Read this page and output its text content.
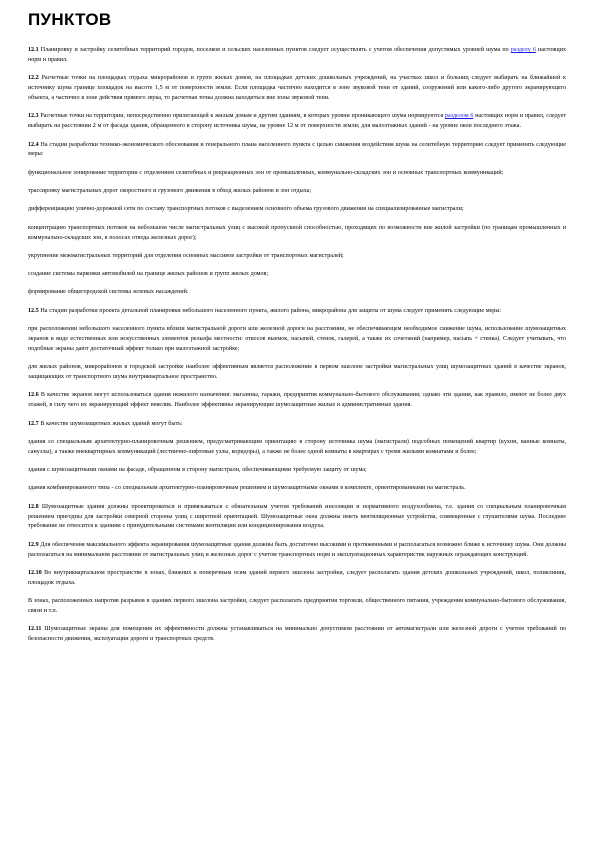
ПУНКТОВ

12.1 Планировку и застройку селитебных территорий городов, поселков и сельских населенных пунктов следует осуществлять с учетом обеспечения допустимых уровней шума по разделу 6 настоящих норм и правил.

12.2 Расчетные точки на площадках отдыха микрорайонов и групп жилых домов, на площадках детских дошкольных учреждений, на участках школ и больниц следует выбирать на ближайшей к источнику шума границе площадок на высоте 1,5 м от поверхности земли. Если площадка частично находится в зоне звуковой тени от зданий, сооружений или какого-либо другого экранирующего объекта, а частично в зоне действия прямого звука, то расчетная точка должна находиться вне зоны звуковой тени.

12.3 Расчетные точки на территории, непосредственно прилегающей к жилым домам и другим зданиям, в которых уровни проникающего шума нормируются разделом 6 настоящих норм и правил, следует выбирать на расстоянии 2 м от фасада здания, обращенного в сторону источника шума, на уровне 12 м от поверхности земли; для малоэтажных зданий - на уровне окон последнего этажа.

12.4 На стадии разработки технико-экономического обоснования и генерального плана населенного пункта с целью снижения воздействия шума на селитебную территорию следует применять следующие меры:

функциональное зонирование территории с отделением селитебных и рекреационных зон от промышленных, коммунально-складских зон и основных транспортных коммуникаций;

трассировку магистральных дорог скоростного и грузового движения в обход жилых районов и зон отдыха;

дифференциацию улично-дорожной сети по составу транспортных потоков с выделением основного объема грузового движения на специализированные магистрали;

концентрацию транспортных потоков на небольшом числе магистральных улиц с высокой пропускной способностью, проходящих по возможности вне жилой застройки (по границам промышленных и коммунально-складских зон, в полосах отвода железных дорог);

укрупнение межмагистральных территорий для отделения основных массивов застройки от транспортных магистралей;

создание системы парковки автомобилей на границе жилых районов и групп жилых домов;

формирование общегородской системы зеленых насаждений.

12.5 На стадии разработки проекта детальной планировки небольшого населенного пункта, жилого района, микрорайона для защиты от шума следует применять следующие меры:

при расположении небольшого населенного пункта вблизи магистральной дороги или железной дороги на расстоянии, не обеспечивающем необходимое снижение шума, использование шумозащитных экранов в виде естественных или искусственных элементов рельефа местности: откосов выемок, насыпей, стенок, галерей, а также их сочетаний (например, насыпь + стенка). Следует учитывать, что подобные экраны дают достаточный эффект только при малоэтажной застройке;

для жилых районов, микрорайонов в городской застройке наиболее эффективным является расположение в первом эшелоне застройки магистральных улиц шумозащитных зданий в качестве экранов, защищающих от транспортного шума внутриквартальное пространство.

12.6 В качестве экранов могут использоваться здания нежилого назначения: магазины, гаражи, предприятия коммунально-бытового обслуживания; однако эти здания, как правило, имеют не более двух этажей, в силу чего их экранирующий эффект невелик. Наиболее эффективны экранирующие шумозащитные жилые и административные здания.

12.7 В качестве шумозащитных жилых зданий могут быть:

здания со специальным архитектурно-планировочным решением, предусматривающим ориентацию в сторону источника шума (магистрали) подсобных помещений квартир (кухни, ванные комнаты, санузлы), а также внеквартирных коммуникаций (лестнично-лифтовые узлы, коридоры), а также не более одной комнаты в квартирах с тремя жилыми комнатами и более;

здания с шумозащитными окнами на фасаде, обращенном в сторону магистрали, обеспечивающими требуемую защиту от шума;

здания комбинированного типа - со специальным архитектурно-планировочным решением и шумозащитными окнами в комплекте, ориентированными на магистраль.

12.8 Шумозащитные здания должны проектироваться и привязываться с обязательным учетом требований инсоляции и нормативного воздухообмена, т.е. здания со специальным планировочным решением пригодны для застройки северной стороны улиц с широтной ориентацией. Шумозащитные окна должны иметь вентиляционные устройства, совмещенные с глушителями шума. Последнее требование не относится к зданиям с принудительными системами вентиляции или кондиционирования воздуха.

12.9 Для обеспечения максимального эффекта экранирования шумозащитные здания должны быть достаточно высокими и протяженными и располагаться возможно ближе к источнику шума. Они должны располагаться на минимальном расстоянии от магистральных улиц и железных дорог с учетом транспортных норм и эксплуатационных характеристик наружных ограждающих конструкций.

12.10 Во внутриквартальном пространстве в зонах, ближних к поперечным осям зданий первого эшелона застройки, следует располагать здания детских дошкольных учреждений, школ, поликлиник, площадок отдыха.

В зонах, расположенных напротив разрывов в зданиях первого эшелона застройки, следует располагать предприятия торговли, общественного питания, учреждения коммунально-бытового обслуживания, связи и т.п.

12.11 Шумозащитные экраны для помещения их эффективности должны устанавливаться на минимально допустимом расстоянии от автомагистрали или железной дороги с учетом требований по безопасности движения, эксплуатации дороги и транспортных средств.
